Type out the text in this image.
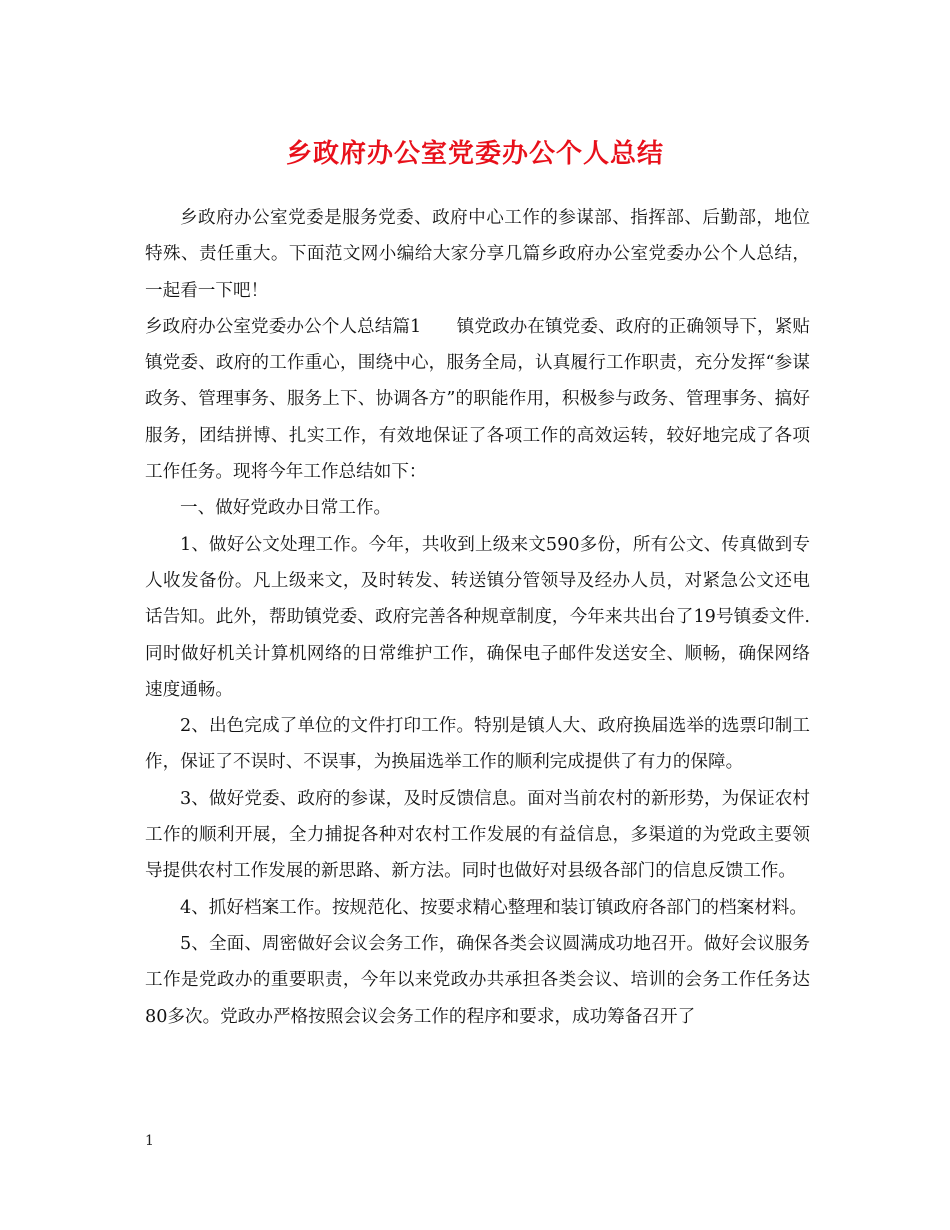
乡政府办公室党委办公个人总结

乡政府办公室党委是服务党委、政府中心工作的参谋部、指挥部、后勤部，地位特殊、责任重大。下面范文网小编给大家分享几篇乡政府办公室党委办公个人总结，一起看一下吧！

乡政府办公室党委办公个人总结篇1　　镇党政办在镇党委、政府的正确领导下，紧贴镇党委、政府的工作重心，围绕中心，服务全局，认真履行工作职责，充分发挥“参谋政务、管理事务、服务上下、协调各方”的职能作用，积极参与政务、管理事务、搞好服务，团结拼博、扎实工作，有效地保证了各项工作的高效运转，较好地完成了各项工作任务。现将今年工作总结如下：

一、做好党政办日常工作。

1、做好公文处理工作。今年，共收到上级来文590多份，所有公文、传真做到专人收发备份。凡上级来文，及时转发、转送镇分管领导及经办人员，对紧急公文还电话告知。此外，帮助镇党委、政府完善各种规章制度，今年来共出台了19号镇委文件.同时做好机关计算机网络的日常维护工作，确保电子邮件发送安全、顺畅，确保网络速度通畅。

2、出色完成了单位的文件打印工作。特别是镇人大、政府换届选举的选票印制工作，保证了不误时、不误事，为换届选举工作的顺利完成提供了有力的保障。

3、做好党委、政府的参谋，及时反馈信息。面对当前农村的新形势，为保证农村工作的顺利开展，全力捕捉各种对农村工作发展的有益信息，多渠道的为党政主要领导提供农村工作发展的新思路、新方法。同时也做好对县级各部门的信息反馈工作。

4、抓好档案工作。按规范化、按要求精心整理和装订镇政府各部门的档案材料。

5、全面、周密做好会议会务工作，确保各类会议圆满成功地召开。做好会议服务工作是党政办的重要职责，今年以来党政办共承担各类会议、培训的会务工作任务达80多次。党政办严格按照会议会务工作的程序和要求，成功筹备召开了

1
